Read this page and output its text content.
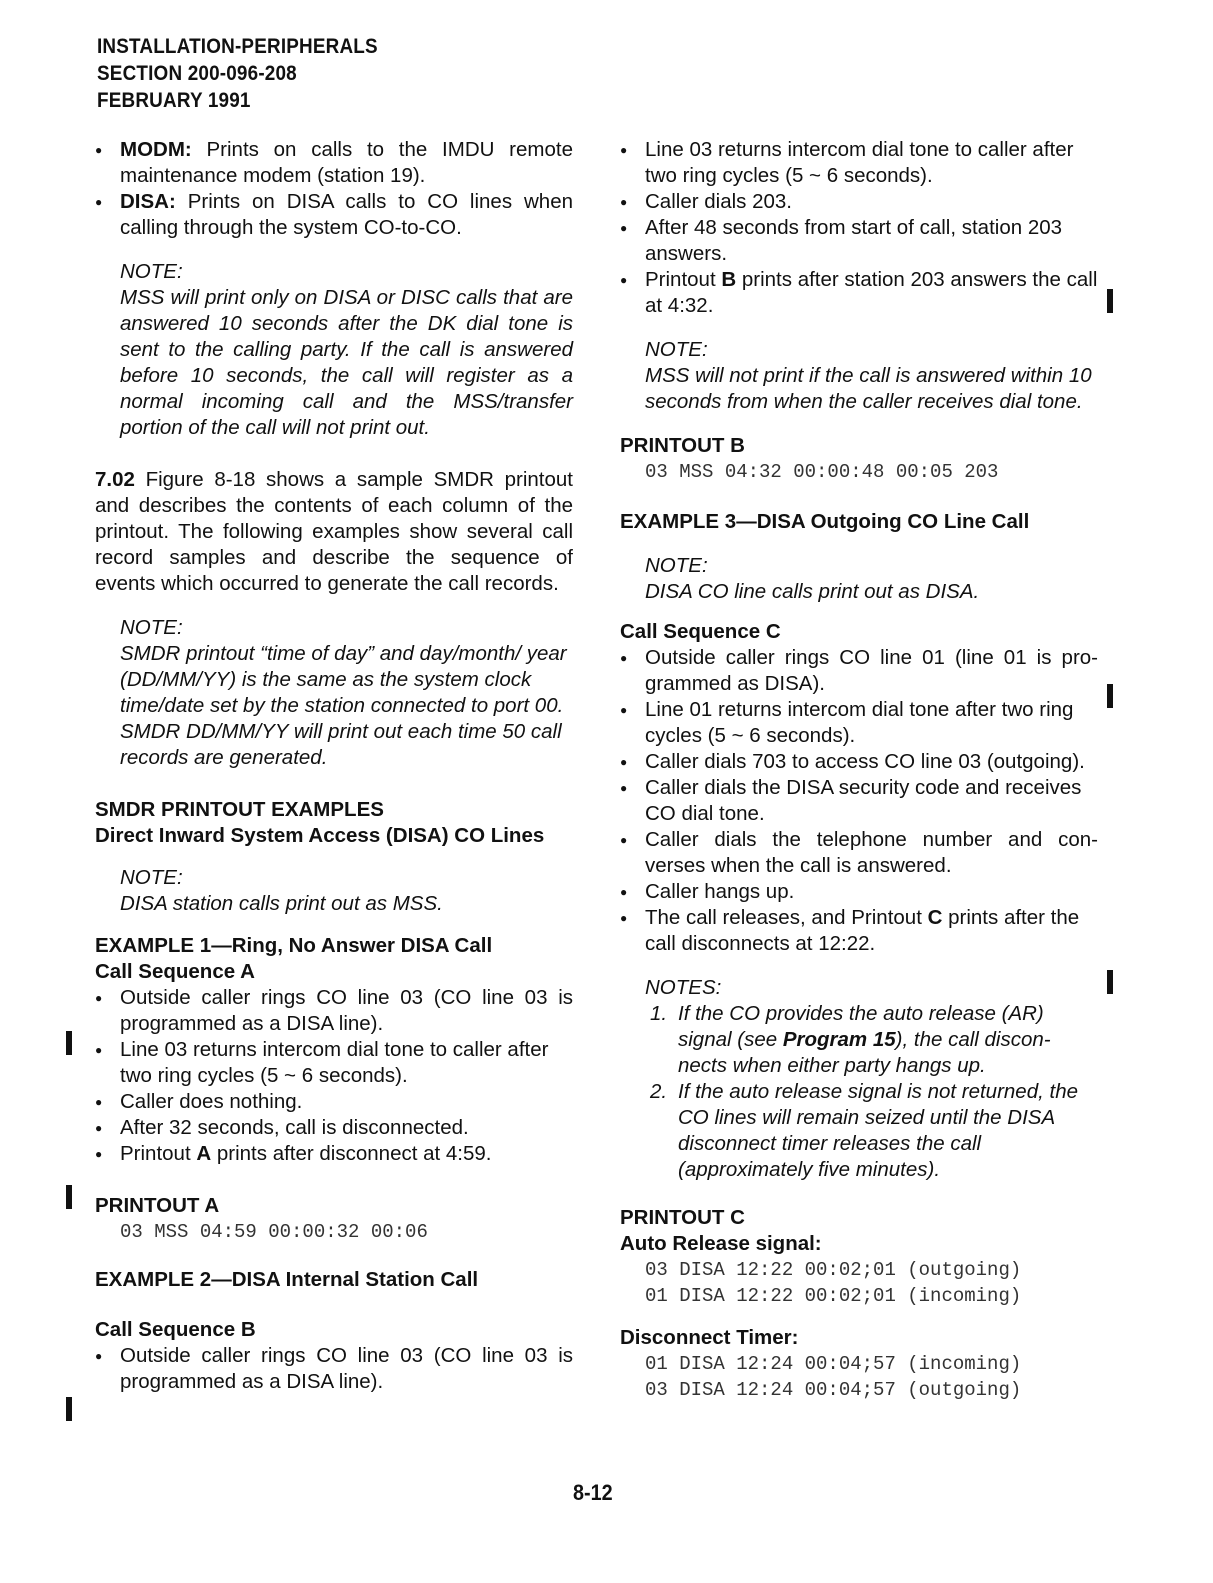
INSTALLATION-PERIPHERALS
SECTION 200-096-208
FEBRUARY 1991
● MODM: Prints on calls to the IMDU remote maintenance modem (station 19).
● DISA: Prints on DISA calls to CO lines when calling through the system CO-to-CO.
NOTE:
MSS will print only on DISA or DISC calls that are answered 10 seconds after the DK dial tone is sent to the calling party. If the call is answered before 10 seconds, the call will register as a normal incoming call and the MSS/transfer portion of the call will not print out.
7.02 Figure 8-18 shows a sample SMDR printout and describes the contents of each column of the printout. The following examples show several call record samples and describe the sequence of events which occurred to generate the call records.
NOTE:
SMDR printout “time of day” and day/month/ year (DD/MM/YY) is the same as the system clock time/date set by the station connected to port 00. SMDR DD/MM/YY will print out each time 50 call records are generated.
SMDR PRINTOUT EXAMPLES
Direct Inward System Access (DISA) CO Lines
NOTE:
DISA station calls print out as MSS.
EXAMPLE 1—Ring, No Answer DISA Call
Call Sequence A
● Outside caller rings CO line 03 (CO line 03 is programmed as a DISA line).
● Line 03 returns intercom dial tone to caller after two ring cycles (5 ~ 6 seconds).
● Caller does nothing.
● After 32 seconds, call is disconnected.
● Printout A prints after disconnect at 4:59.
PRINTOUT A
03 MSS 04:59 00:00:32 00:06
EXAMPLE 2—DISA Internal Station Call
Call Sequence B
● Outside caller rings CO line 03 (CO line 03 is programmed as a DISA line).
● Line 03 returns intercom dial tone to caller after two ring cycles (5 ~ 6 seconds).
● Caller dials 203.
● After 48 seconds from start of call, station 203 answers.
● Printout B prints after station 203 answers the call at 4:32.
NOTE:
MSS will not print if the call is answered within 10 seconds from when the caller receives dial tone.
PRINTOUT B
03 MSS 04:32 00:00:48 00:05 203
EXAMPLE 3—DISA Outgoing CO Line Call
NOTE:
DISA CO line calls print out as DISA.
Call Sequence C
● Outside caller rings CO line 01 (line 01 is pro- grammed as DISA).
● Line 01 returns intercom dial tone after two ring cycles (5 ~ 6 seconds).
● Caller dials 703 to access CO line 03 (outgoing).
● Caller dials the DISA security code and receives CO dial tone.
● Caller dials the telephone number and con- verses when the call is answered.
● Caller hangs up.
● The call releases, and Printout C prints after the call disconnects at 12:22.
NOTES:
1. If the CO provides the auto release (AR) signal (see Program 15), the call discon- nects when either party hangs up.
2. If the auto release signal is not returned, the CO lines will remain seized until the DISA disconnect timer releases the call (approximately five minutes).
PRINTOUT C
Auto Release signal:
03 DISA 12:22 00:02;01 (outgoing)
01 DISA 12:22 00:02;01 (incoming)
Disconnect Timer:
01 DISA 12:24 00:04;57 (incoming)
03 DISA 12:24 00:04;57 (outgoing)
8-12
